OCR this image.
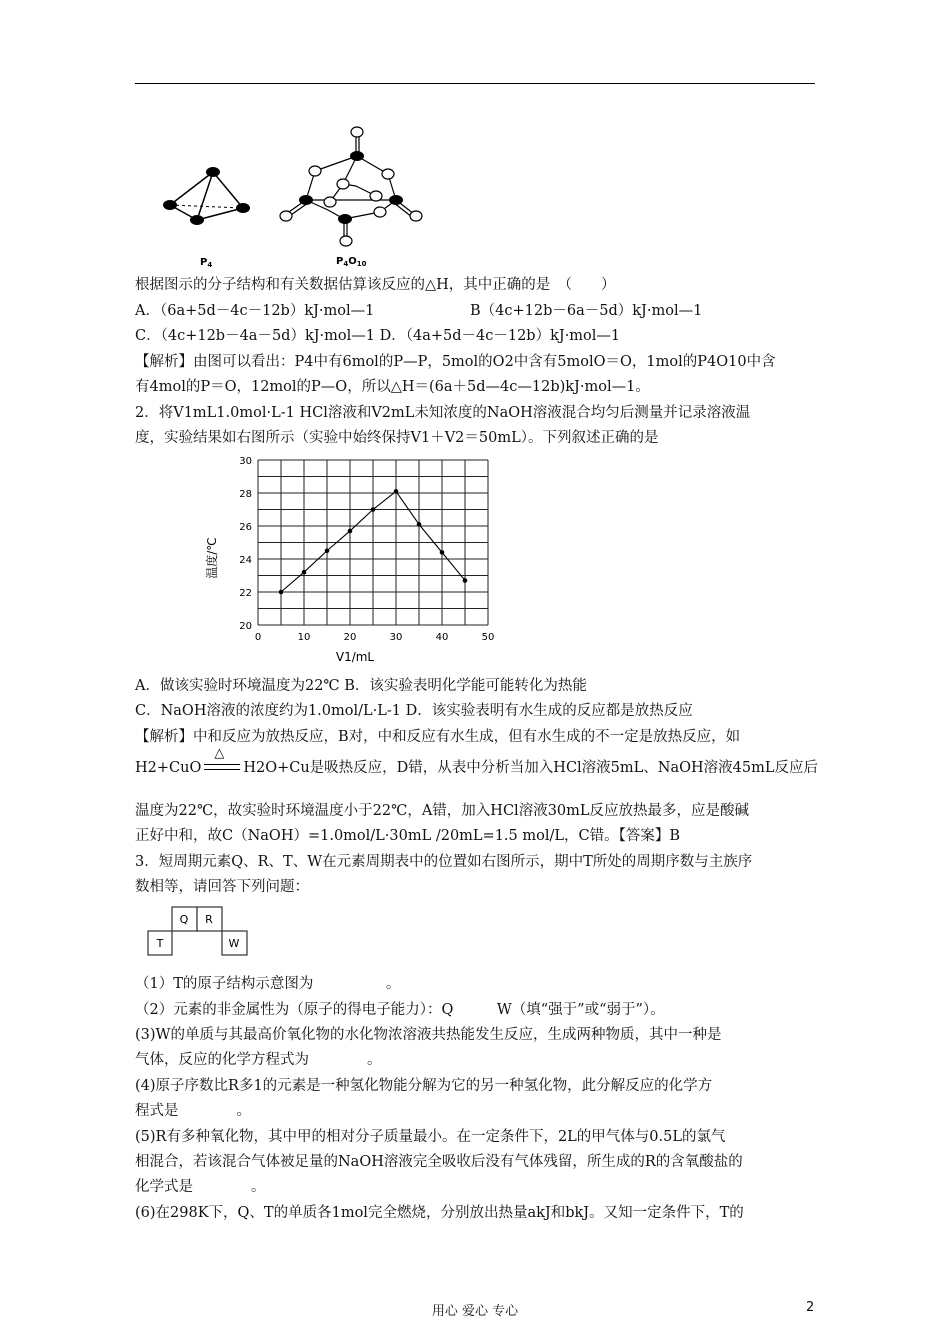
$P_4$	$P_4O_{10}$
根据图示的分子结构和有关数据估算该反应的△H，其中正确的是　（　　）
A．（6a+5d－4c－12b）kJ·mol—1	B（4c+12b－6a－5d）kJ·mol—1
C．（4c+12b－4a－5d）kJ·mol—1 D．（4a+5d－4c－12b）kJ·mol—1
【解析】由图可以看出：P4中有6mol的P—P，5mol的O2中含有5molO＝O，1mol的P4O10中含
有4mol的P＝O，12mol的P—O，所以△H＝(6a＋5d—4c—12b)kJ·mol—1。
2．将V1mL1.0mol·L-1 HCl溶液和V2mL未知浓度的NaOH溶液混合均匀后测量并记录溶液温
度，实验结果如右图所示（实验中始终保持V1＋V2＝50mL）。下列叙述正确的是
0	10	20	30	40	50
20
22
24
26
28
30
V1/mL
温度/℃
A．做该实验时环境温度为22℃ B．该实验表明化学能可能转化为热能
C．NaOH溶液的浓度约为1.0mol/L·L-1 D．该实验表明有水生成的反应都是放热反应
【解析】中和反应为放热反应，B对，中和反应有水生成，但有水生成的不一定是放热反应，如
H2+CuO
△
H2O+Cu是吸热反应，D错，从表中分析当加入HCl溶液5mL、NaOH溶液45mL反应后
温度为22℃，故实验时环境温度小于22℃，A错，加入HCl溶液30mL反应放热最多，应是酸碱
正好中和，故C（NaOH）=1.0mol/L·30mL /20mL=1.5 mol/L，C错。【答案】B
3．短周期元素Q、R、T、W在元素周期表中的位置如右图所示，期中T所处的周期序数与主族序
数相等，请回答下列问题：
Q R
T	W
（1）T的原子结构示意图为　　　　　。
（2）元素的非金属性为（原子的得电子能力）：Q　　　W（填“强于”或“弱于”）。
(3)W的单质与其最高价氧化物的水化物浓溶液共热能发生反应，生成两种物质，其中一种是
气体，反应的化学方程式为　　　　。
(4)原子序数比R多1的元素是一种氢化物能分解为它的另一种氢化物，此分解反应的化学方
程式是　　　　。
(5)R有多种氧化物，其中甲的相对分子质量最小。在一定条件下，2L的甲气体与0.5L的氯气
相混合，若该混合气体被足量的NaOH溶液完全吸收后没有气体残留，所生成的R的含氧酸盐的
化学式是　　　　。
(6)在298K下，Q、T的单质各1mol完全燃烧，分别放出热量akJ和bkJ。又知一定条件下，T的
用心 爱心 专心	2
